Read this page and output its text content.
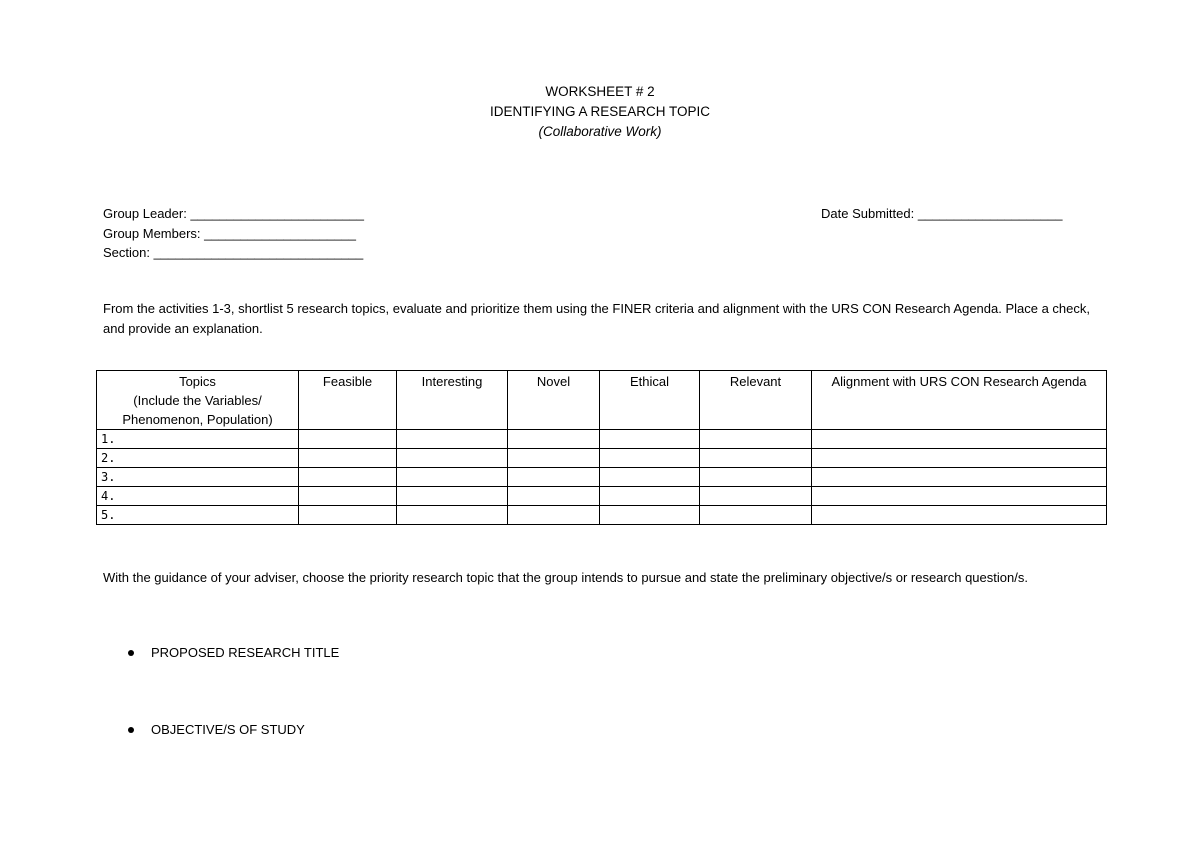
WORKSHEET # 2
IDENTIFYING A RESEARCH TOPIC
(Collaborative Work)
Group Leader: ________________________
Group Members: _____________________
Section: _____________________________
Date Submitted: ____________________
From the activities 1-3, shortlist 5 research topics, evaluate and prioritize them using the FINER criteria and alignment with the URS CON Research Agenda. Place a check, and provide an explanation.
Topics
(Include the Variables/
Phenomenon, Population)	Feasible	Interesting	Novel	Ethical	Relevant	Alignment with URS CON Research Agenda
1.						
2.						
3.						
4.						
5.						
With the guidance of your adviser, choose the priority research topic that the group intends to pursue and state the preliminary objective/s or research question/s.
PROPOSED RESEARCH TITLE
OBJECTIVE/S OF STUDY
